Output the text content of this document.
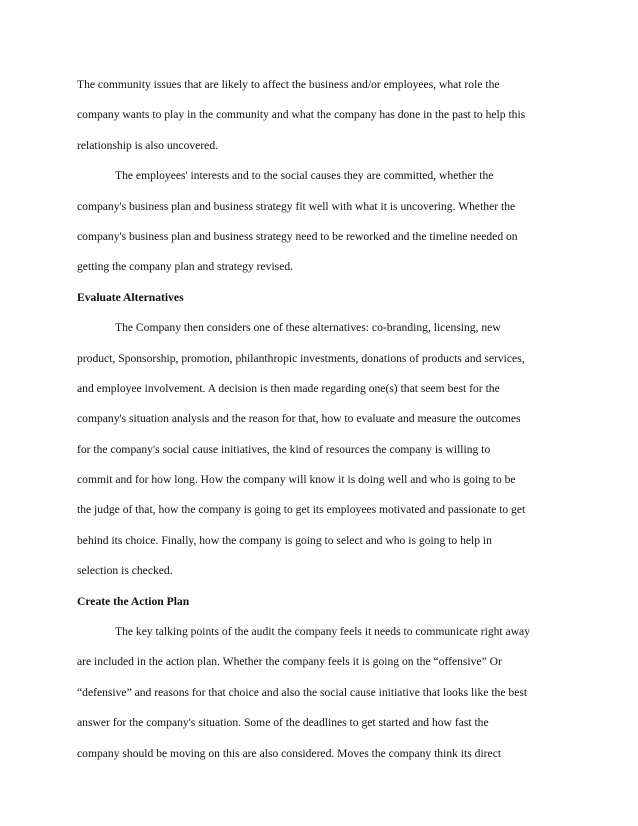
The community issues that are likely to affect the business and/or employees, what role the
company wants to play in the community and what the company has done in the past to help this
relationship is also uncovered.
The employees' interests and to the social causes they are committed, whether the
company's business plan and business strategy fit well with what it is uncovering. Whether the
company's business plan and business strategy need to be reworked and the timeline needed on
getting the company plan and strategy revised.
Evaluate Alternatives
The Company then considers one of these alternatives: co-branding, licensing, new
product, Sponsorship, promotion, philanthropic investments, donations of products and services,
and employee involvement. A decision is then made regarding one(s) that seem best for the
company's situation analysis and the reason for that, how to evaluate and measure the outcomes
for the company's social cause initiatives, the kind of resources the company is willing to
commit and for how long. How the company will know it is doing well and who is going to be
the judge of that, how the company is going to get its employees motivated and passionate to get
behind its choice. Finally, how the company is going to select and who is going to help in
selection is checked.
Create the Action Plan
The key talking points of the audit the company feels it needs to communicate right away
are included in the action plan. Whether the company feels it is going on the “offensive” Or
“defensive” and reasons for that choice and also the social cause initiative that looks like the best
answer for the company's situation. Some of the deadlines to get started and how fast the
company should be moving on this are also considered. Moves the company think its direct
